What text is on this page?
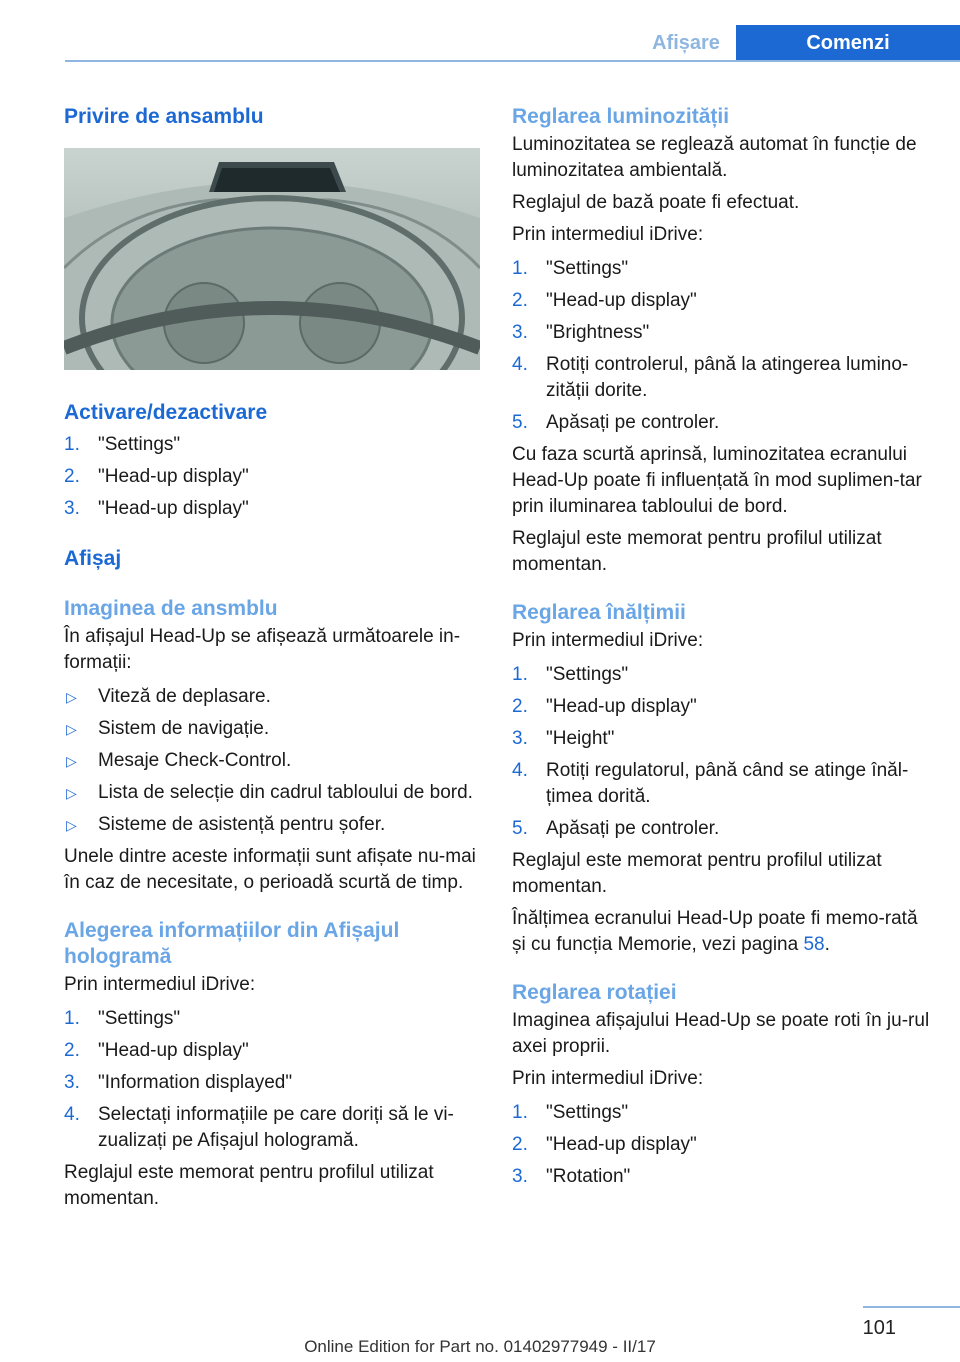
Afișare	Comenzi
Privire de ansamblu
Activare/dezactivare
1. "Settings"
2. "Head-up display"
3. "Head-up display"
Afișaj
Imaginea de ansmblu

În afișajul Head-Up se afișează următoarele in-formații:

▷ Viteză de deplasare.
▷ Sistem de navigație.
▷ Mesaje Check-Control.
▷ Lista de selecție din cadrul tabloului de bord.
▷ Sisteme de asistență pentru șofer.

Unele dintre aceste informații sunt afișate nu-mai în caz de necesitate, o perioadă scurtă de timp.

Alegerea informațiilor din Afișajul hologramă

Prin intermediul iDrive:

1. "Settings"
2. "Head-up display"
3. "Information displayed"
4. Selectați informațiile pe care doriți să le vi-zualizați pe Afișajul hologramă.

Reglajul este memorat pentru profilul utilizat momentan.

Reglarea luminozității

Luminozitatea se reglează automat în funcție de luminozitatea ambientală.

Reglajul de bază poate fi efectuat.

Prin intermediul iDrive:

1. "Settings"
2. "Head-up display"
3. "Brightness"
4. Rotiți controlerul, până la atingerea lumino-zității dorite.
5. Apăsați pe controler.

Cu faza scurtă aprinsă, luminozitatea ecranului Head-Up poate fi influențată în mod suplimen-tar prin iluminarea tabloului de bord.

Reglajul este memorat pentru profilul utilizat momentan.

Reglarea înălțimii

Prin intermediul iDrive:

1. "Settings"
2. "Head-up display"
3. "Height"
4. Rotiți regulatorul, până când se atinge înăl-țimea dorită.
5. Apăsați pe controler.

Reglajul este memorat pentru profilul utilizat momentan.

Înălțimea ecranului Head-Up poate fi memo-rată și cu funcția Memorie, vezi pagina 58.

Reglarea rotației

Imaginea afișajului Head-Up se poate roti în ju-rul axei proprii.

Prin intermediul iDrive:

1. "Settings"
2. "Head-up display"
3. "Rotation"
101
Online Edition for Part no. 01402977949 - II/17
